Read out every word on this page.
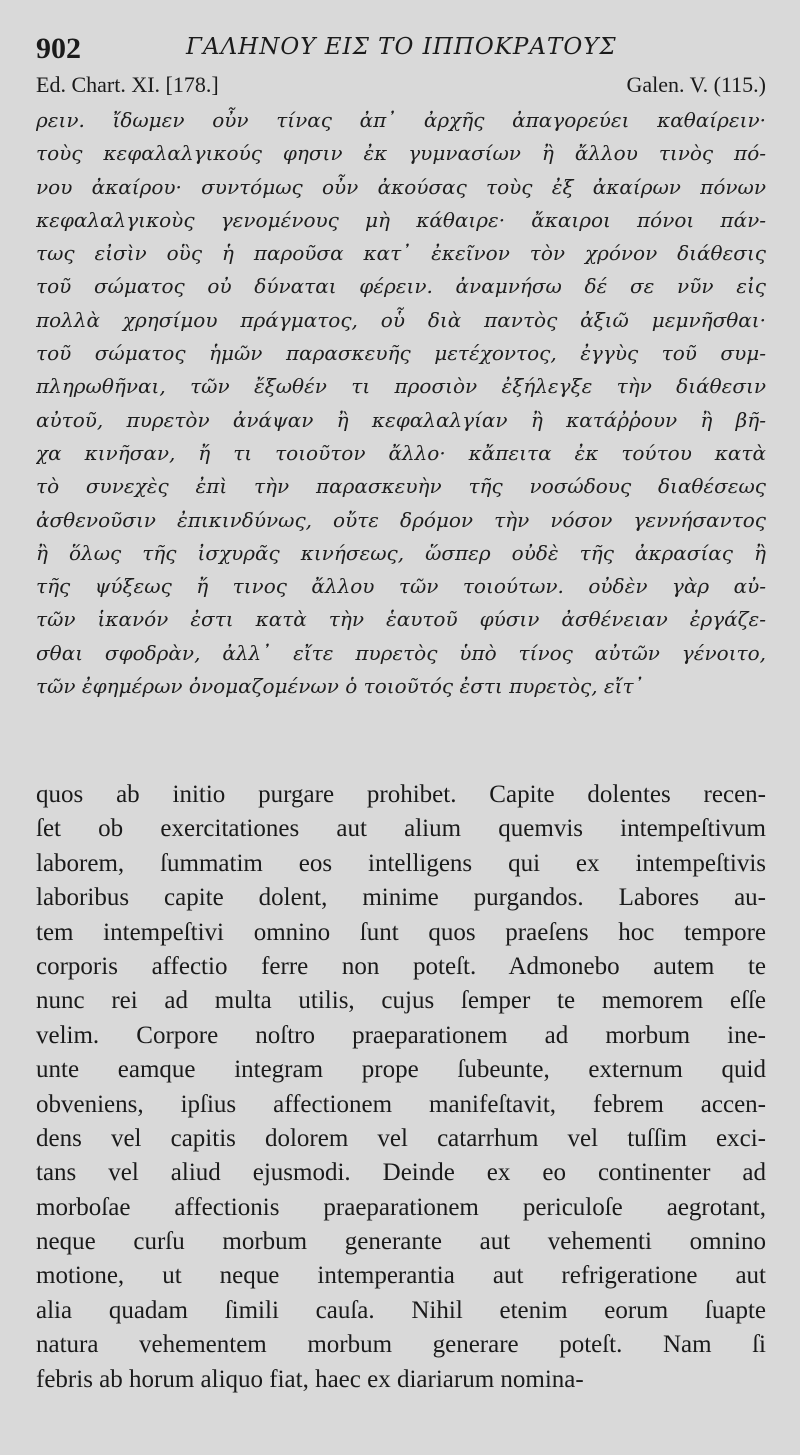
902	ΓΑΛΗΝΟΥ ΕΙΣ ΤΟ ΙΠΠΟΚΡΑΤΟΥΣ
Ed. Chart. XI. [178.]	Galen. V. (115.)
ρειν. ἴδωμεν οὖν τίνας ἀπ᾽ ἀρχῆς ἀπαγορεύει καθαίρειν·
τοὺς κεφαλαλγικούς φησιν ἐκ γυμνασίων ἢ ἄλλου τινὸς πό-
νου ἀκαίρου· συντόμως οὖν ἀκούσας τοὺς ἐξ ἀκαίρων πόνων
κεφαλαλγικοὺς γενομένους μὴ κάθαιρε· ἄκαιροι πόνοι πάν-
τως εἰσὶν οὓς ἡ παροῦσα κατ᾽ ἐκεῖνον τὸν χρόνον διάθεσις
τοῦ σώματος οὐ δύναται φέρειν. ἀναμνήσω δέ σε νῦν εἰς
πολλὰ χρησίμου πράγματος, οὗ διὰ παντὸς ἀξιῶ μεμνῆσθαι·
τοῦ σώματος ἡμῶν παρασκευῆς μετέχοντος, ἐγγὺς τοῦ συμ-
πληρωθῆναι, τῶν ἔξωθέν τι προσιὸν ἐξήλεγξε τὴν διάθεσιν
αὐτοῦ, πυρετὸν ἀνάψαν ἢ κεφαλαλγίαν ἢ κατάῤῥουν ἢ βῆ-
χα κινῆσαν, ἤ τι τοιοῦτον ἄλλο· κἄπειτα ἐκ τούτου κατὰ
τὸ συνεχὲς ἐπὶ τὴν παρασκευὴν τῆς νοσώδους διαθέσεως
ἀσθενοῦσιν ἐπικινδύνως, οὔτε δρόμον τὴν νόσον γεννήσαντος
ἢ ὅλως τῆς ἰσχυρᾶς κινήσεως, ὥσπερ οὐδὲ τῆς ἀκρασίας ἢ
τῆς ψύξεως ἤ τινος ἄλλου τῶν τοιούτων. οὐδὲν γὰρ αὐ-
τῶν ἱκανόν ἐστι κατὰ τὴν ἑαυτοῦ φύσιν ἀσθένειαν ἐργάζε-
σθαι σφοδρὰν, ἀλλ᾽ εἴτε πυρετὸς ὑπὸ τίνος αὐτῶν γένοιτο,
τῶν ἐφημέρων ὀνομαζομένων ὁ τοιοῦτός ἐστι πυρετὸς, εἴτ᾽
quos ab initio purgare prohibet. Capite dolentes recen-
ſet ob exercitationes aut alium quemvis intempeſtivum
laborem, ſummatim eos intelligens qui ex intempeſtivis
laboribus capite dolent, minime purgandos. Labores au-
tem intempeſtivi omnino ſunt quos praeſens hoc tempore
corporis affectio ferre non poteſt. Admonebo autem te
nunc rei ad multa utilis, cujus ſemper te memorem eſſe
velim. Corpore noſtro praeparationem ad morbum ine-
unte eamque integram prope ſubeunte, externum quid
obveniens, ipſius affectionem manifeſtavit, febrem accen-
dens vel capitis dolorem vel catarrhum vel tuſſim exci-
tans vel aliud ejusmodi. Deinde ex eo continenter ad
morboſae affectionis praeparationem periculoſe aegrotant,
neque curſu morbum generante aut vehementi omnino
motione, ut neque intemperantia aut refrigeratione aut
alia quadam ſimili cauſa. Nihil etenim eorum ſuapte
natura vehementem morbum generare poteſt. Nam ſi
febris ab horum aliquo fiat, haec ex diariarum nomina-
